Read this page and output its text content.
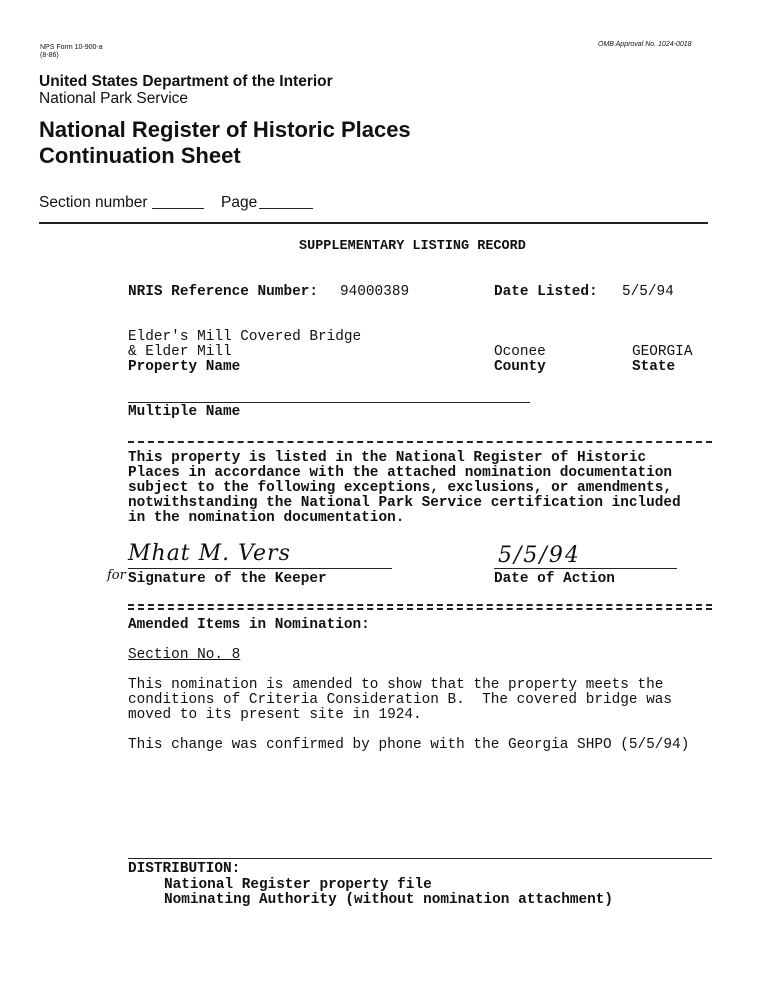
NPS Form 10-900-a
(8-86)
OMB Approval No. 1024-0018
United States Department of the Interior
National Park Service
National Register of Historic Places
Continuation Sheet
Section number	Page
SUPPLEMENTARY LISTING RECORD
NRIS Reference Number: 94000389	Date Listed: 5/5/94
Elder's Mill Covered Bridge
& Elder Mill
Property Name
Oconee
County
GEORGIA
State
Multiple Name
This property is listed in the National Register of Historic
Places in accordance with the attached nomination documentation
subject to the following exceptions, exclusions, or amendments,
notwithstanding the National Park Service certification included
in the nomination documentation.
Mhat M. Vers
for Signature of the Keeper
5/5/94
Date of Action
Amended Items in Nomination:
Section No. 8
This nomination is amended to show that the property meets the
conditions of Criteria Consideration B.  The covered bridge was
moved to its present site in 1924.
This change was confirmed by phone with the Georgia SHPO (5/5/94)
DISTRIBUTION:
National Register property file
Nominating Authority (without nomination attachment)
